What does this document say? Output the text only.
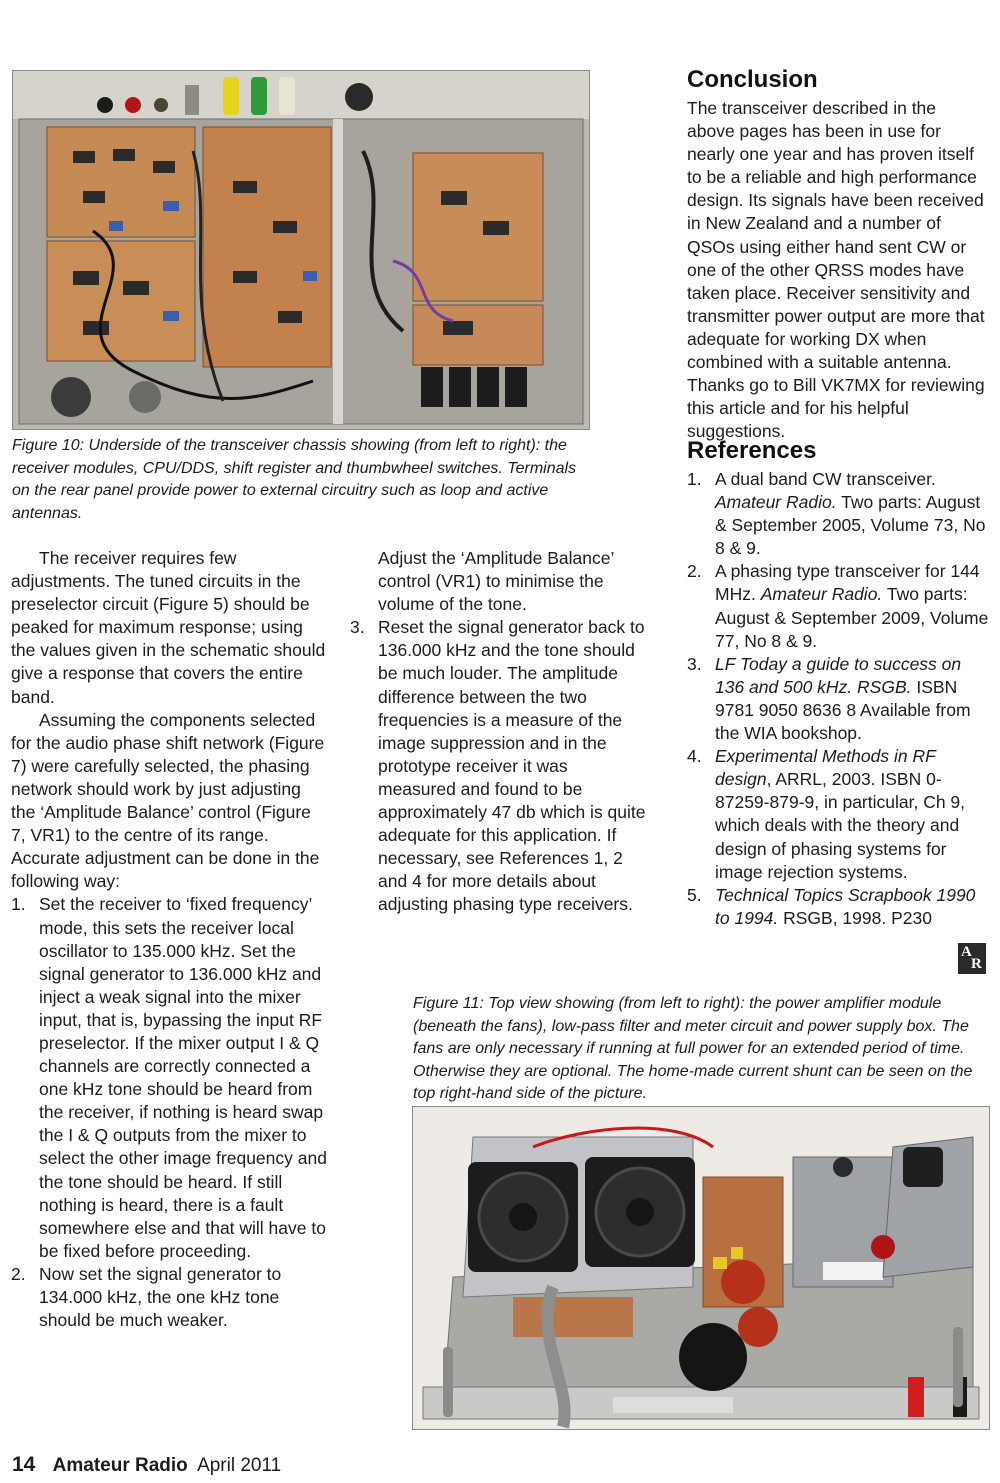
Figure 10: Underside of the transceiver chassis showing (from left to right): the receiver modules, CPU/DDS, shift register and thumbwheel switches. Terminals on the rear panel provide power to external circuitry such as loop and active antennas.

The receiver requires few adjustments. The tuned circuits in the preselector circuit (Figure 5) should be peaked for maximum response; using the values given in the schematic should give a response that covers the entire band.

Assuming the components selected for the audio phase shift network (Figure 7) were carefully selected, the phasing network should work by just adjusting the ‘Amplitude Balance’ control (Figure 7, VR1) to the centre of its range. Accurate adjustment can be done in the following way:

1. Set the receiver to ‘fixed frequency’ mode, this sets the receiver local oscillator to 135.000 kHz. Set the signal generator to 136.000 kHz and inject a weak signal into the mixer input, that is, bypassing the input RF preselector. If the mixer output I & Q channels are correctly connected a one kHz tone should be heard from the receiver, if nothing is heard swap the I & Q outputs from the mixer to select the other image frequency and the tone should be heard. If still nothing is heard, there is a fault somewhere else and that will have to be fixed before proceeding.
2. Now set the signal generator to 134.000 kHz, the one kHz tone should be much weaker.
Adjust the ‘Amplitude Balance’ control (VR1) to minimise the volume of the tone.
3. Reset the signal generator back to 136.000 kHz and the tone should be much louder. The amplitude difference between the two frequencies is a measure of the image suppression and in the prototype receiver it was measured and found to be approximately 47 db which is quite adequate for this application. If necessary, see References 1, 2 and 4 for more details about adjusting phasing type receivers.
Conclusion

The transceiver described in the above pages has been in use for nearly one year and has proven itself to be a reliable and high performance design. Its signals have been received in New Zealand and a number of QSOs using either hand sent CW or one of the other QRSS modes have taken place. Receiver sensitivity and transmitter power output are more that adequate for working DX when combined with a suitable antenna. Thanks go to Bill VK7MX for reviewing this article and for his helpful suggestions.

References
1. A dual band CW transceiver. Amateur Radio. Two parts: August & September 2005, Volume 73, No 8 & 9.
2. A phasing type transceiver for 144 MHz. Amateur Radio. Two parts: August & September 2009, Volume 77, No 8 & 9.
3. LF Today a guide to success on 136 and 500 kHz. RSGB. ISBN 9781 9050 8636 8 Available from the WIA bookshop.
4. Experimental Methods in RF design, ARRL, 2003. ISBN 0-87259-879-9, in particular, Ch 9, which deals with the theory and design of phasing systems for image rejection systems.
5. Technical Topics Scrapbook 1990 to 1994. RSGB, 1998. P230
A
R
Figure 11: Top view showing (from left to right): the power amplifier module (beneath the fans), low-pass filter and meter circuit and power supply box. The fans are only necessary if running at full power for an extended period of time. Otherwise they are optional. The home-made current shunt can be seen on the top right-hand side of the picture.
14 Amateur Radio April 2011
